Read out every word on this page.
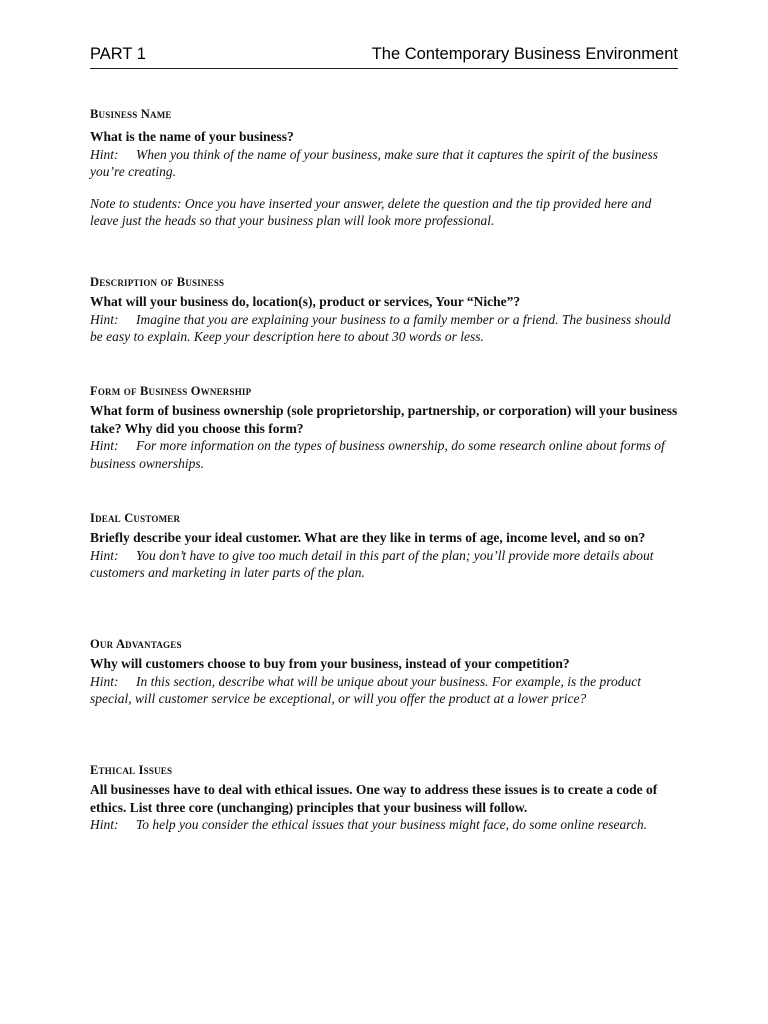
PART 1	The Contemporary Business Environment
Business Name

What is the name of your business?

Hint: When you think of the name of your business, make sure that it captures the spirit of the business you’re creating.

Note to students: Once you have inserted your answer, delete the question and the tip provided here and leave just the heads so that your business plan will look more professional.

Description of Business

What will your business do, location(s), product or services, Your “Niche”?

Hint: Imagine that you are explaining your business to a family member or a friend. The business should be easy to explain. Keep your description here to about 30 words or less.

Form of Business Ownership

What form of business ownership (sole proprietorship, partnership, or corporation) will your business take? Why did you choose this form?

Hint: For more information on the types of business ownership, do some research online about forms of business ownerships.

Ideal Customer

Briefly describe your ideal customer. What are they like in terms of age, income level, and so on?

Hint: You don’t have to give too much detail in this part of the plan; you’ll provide more details about customers and marketing in later parts of the plan.

Our Advantages

Why will customers choose to buy from your business, instead of your competition?

Hint: In this section, describe what will be unique about your business. For example, is the product special, will customer service be exceptional, or will you offer the product at a lower price?

Ethical Issues

All businesses have to deal with ethical issues. One way to address these issues is to create a code of ethics. List three core (unchanging) principles that your business will follow.

Hint: To help you consider the ethical issues that your business might face, do some online research.
